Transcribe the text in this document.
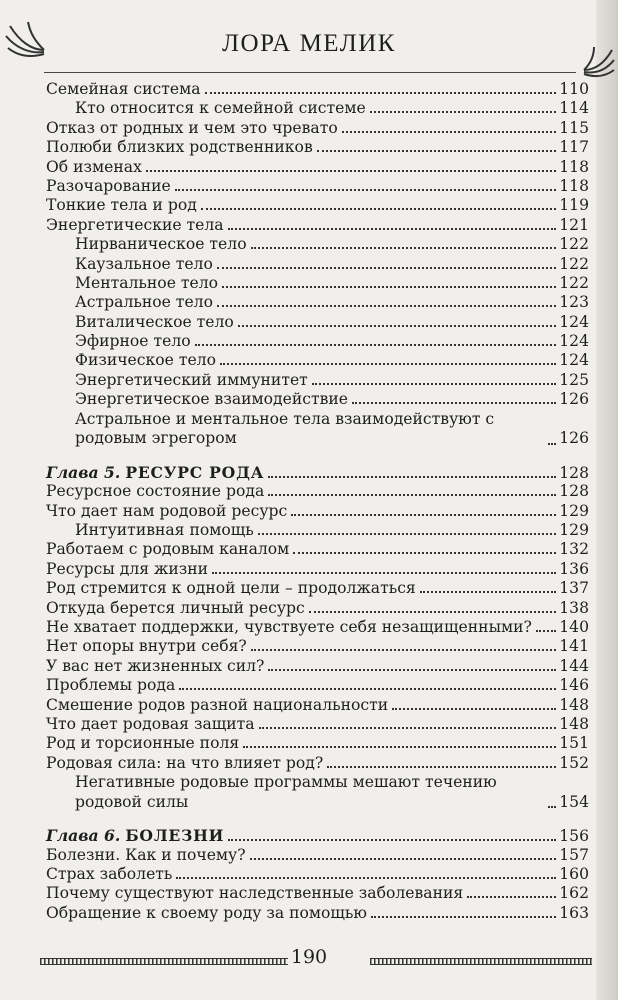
ЛОРА МЕЛИК
Семейная система	110
Кто относится к семейной системе	114
Отказ от родных и чем это чревато	115
Полюби близких родственников	117
Об изменах	118
Разочарование	118
Тонкие тела и род	119
Энергетические тела	121
Нирваническое тело	122
Каузальное тело	122
Ментальное тело	122
Астральное тело	123
Виталическое тело	124
Эфирное тело	124
Физическое тело	124
Энергетический иммунитет	125
Энергетическое взаимодействие	126
Астральное и ментальное тела взаимодействуют с родовым эгрегором	126
Глава 5. РЕСУРС РОДА	128
Ресурсное состояние рода	128
Что дает нам родовой ресурс	129
Интуитивная помощь	129
Работаем с родовым каналом	132
Ресурсы для жизни	136
Род стремится к одной цели – продолжаться	137
Откуда берется личный ресурс	138
Не хватает поддержки, чувствуете себя незащищенными? 140
Нет опоры внутри себя?	141
У вас нет жизненных сил?	144
Проблемы рода	146
Смешение родов разной национальности	148
Что дает родовая защита	148
Род и торсионные поля	151
Родовая сила: на что влияет род?	152
Негативные родовые программы мешают течению родовой силы	154
Глава 6. БОЛЕЗНИ	156
Болезни. Как и почему?	157
Страх заболеть	160
Почему существуют наследственные заболевания	162
Обращение к своему роду за помощью	163
190
